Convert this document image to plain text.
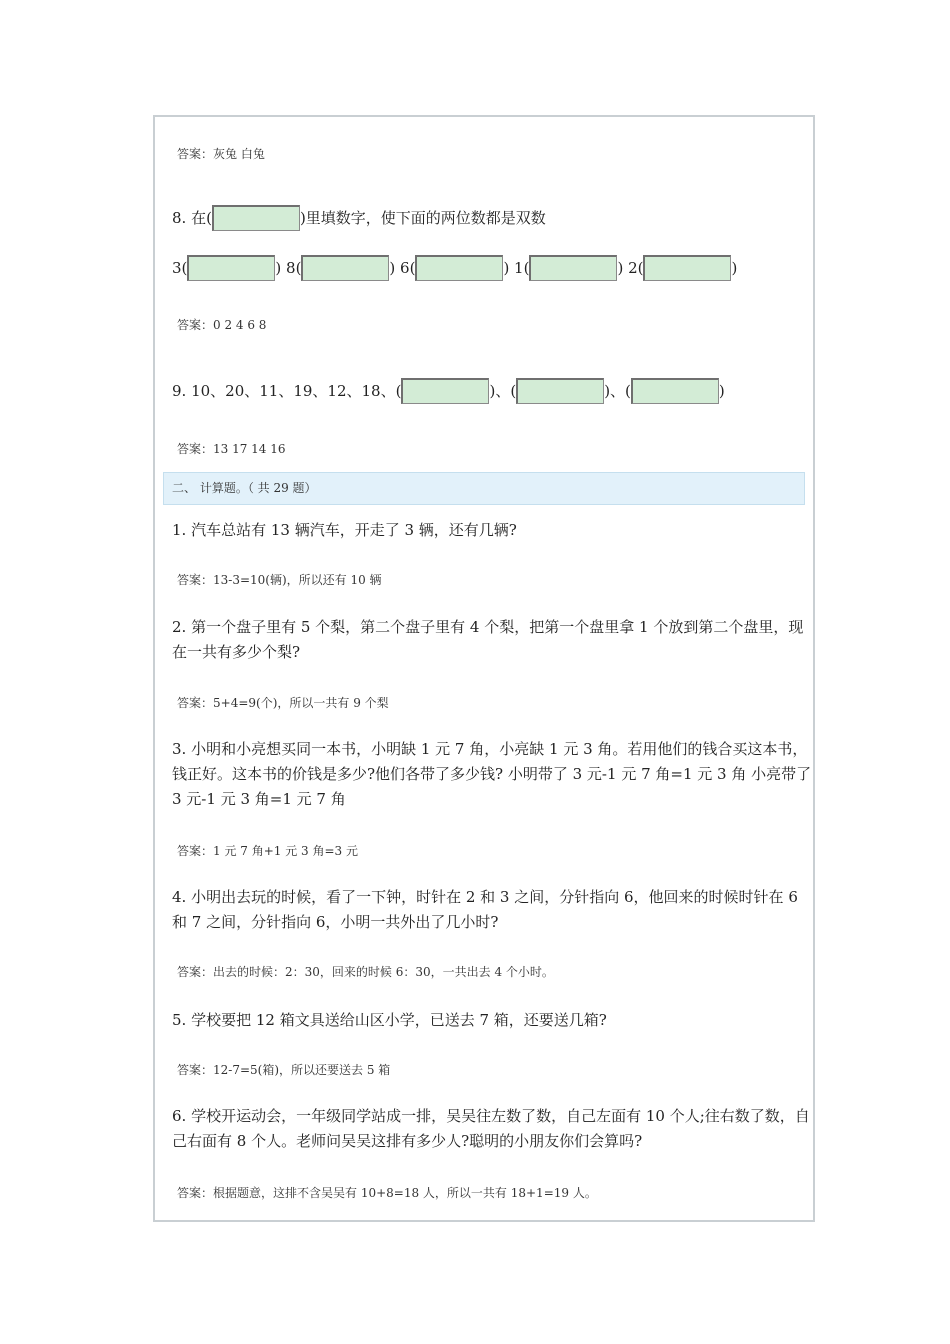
答案：灰兔 白兔
8. 在(	)里填数字，使下面的两位数都是双数
3(	) 8(	) 6(	) 1(	) 2(	)
答案：0 2 4 6 8
9. 10、20、11、19、12、18、(	)、(	)、(	)
答案：13 17 14 16
二、 计算题。（ 共 29 题）
1. 汽车总站有 13 辆汽车，开走了 3 辆，还有几辆?
答案：13-3=10(辆)，所以还有 10 辆
2. 第一个盘子里有 5 个梨，第二个盘子里有 4 个梨，把第一个盘里拿 1 个放到第二个盘里，现在一共有多少个梨?
答案：5+4=9(个)，所以一共有 9 个梨
3. 小明和小亮想买同一本书，小明缺 1 元 7 角，小亮缺 1 元 3 角。若用他们的钱合买这本书，钱正好。这本书的价钱是多少?他们各带了多少钱? 小明带了 3 元-1 元 7 角=1 元 3 角 小亮带了 3 元-1 元 3 角=1 元 7 角
答案：1 元 7 角+1 元 3 角=3 元
4. 小明出去玩的时候，看了一下钟，时针在 2 和 3 之间，分针指向 6，他回来的时候时针在 6 和 7 之间，分针指向 6，小明一共外出了几小时?
答案：出去的时候：2：30，回来的时候 6：30，一共出去 4 个小时。
5. 学校要把 12 箱文具送给山区小学，已送去 7 箱，还要送几箱?
答案：12-7=5(箱)，所以还要送去 5 箱
6. 学校开运动会，一年级同学站成一排，吴吴往左数了数，自己左面有 10 个人;往右数了数，自己右面有 8 个人。老师问吴吴这排有多少人?聪明的小朋友你们会算吗?
答案：根据题意，这排不含吴吴有 10+8=18 人，所以一共有 18+1=19 人。
